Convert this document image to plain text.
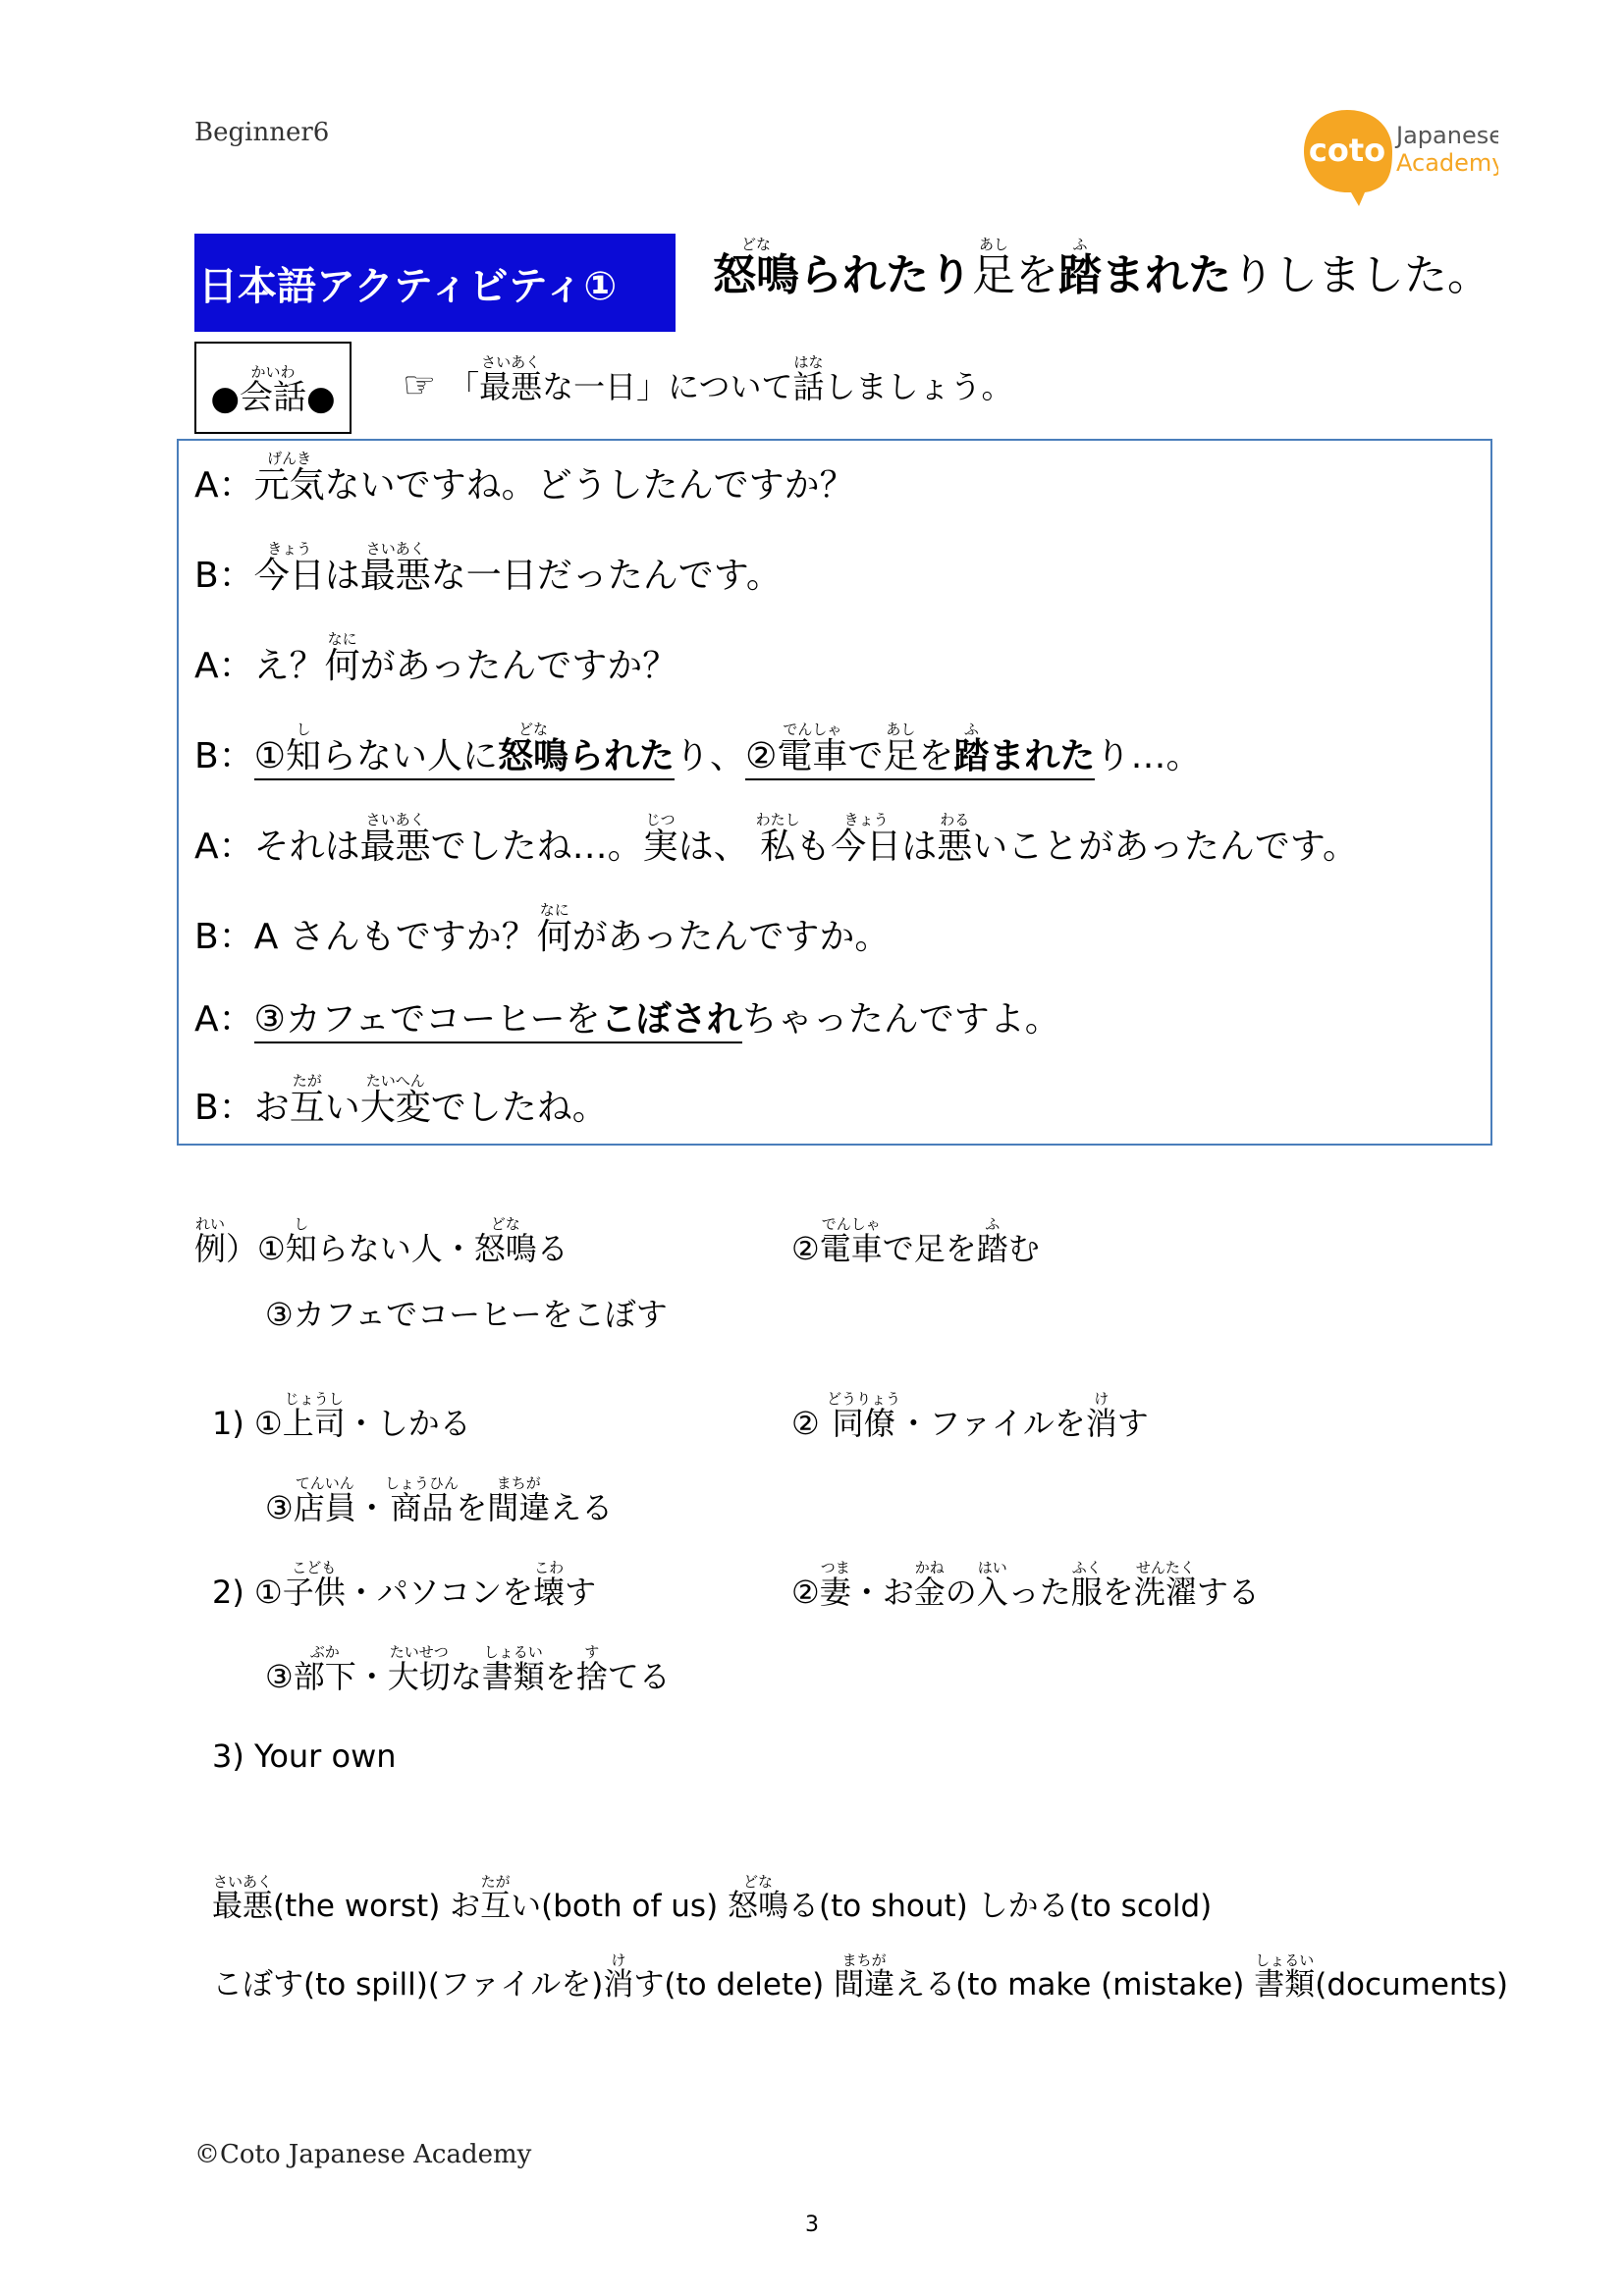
Beginner6	coto Japanese
Academy
日本語アクティビティ①	怒鳴どなられたり足あしを踏ふまれたりしました。
● 会話かいわ
● ☞ 「最悪さいあくな一日」について話はなしましょう。
A：元気げんきないですね。どうしたんですか？
B：今日きょうは最悪さいあくな一日だったんです。
A：え？何なにがあったんですか？
B：①知しらない人に怒鳴どなられたり、②電車でんしゃで足あしを踏ふまれたり…。
A：それは最悪さいあくでしたね…。実じつは、 私わたしも今日きょうは悪わるいことがあったんです。
B：A さんもですか？何なにがあったんですか。
A：③カフェでコーヒーをこぼされちゃったんですよ。
B：お互たがい大変たいへんでしたね。
例れい）①知しらない人・怒鳴どなる	②電車でんしゃで足を踏ふむ
③カフェでコーヒーをこぼす
1) ①上司じょうし・しかる	② 同僚どうりょう・ファイルを消けす
③店員てんいん・商品しょうひんを間違まちがえる
2) ①子供こども・パソコンを壊こわす	②妻つま・お金かねの入はいった服ふくを洗濯せんたくする
③部下ぶか・大切たいせつな書類しょるいを捨すてる
3) Your own
最悪さいあく(the worst) お互たがい(both of us) 怒鳴どなる(to shout) しかる(to scold)
こぼす(to spill)(ファイルを)消けす(to delete) 間違まちがえる(to make (mistake) 書類しょるい(documents)
©Coto Japanese Academy
3
